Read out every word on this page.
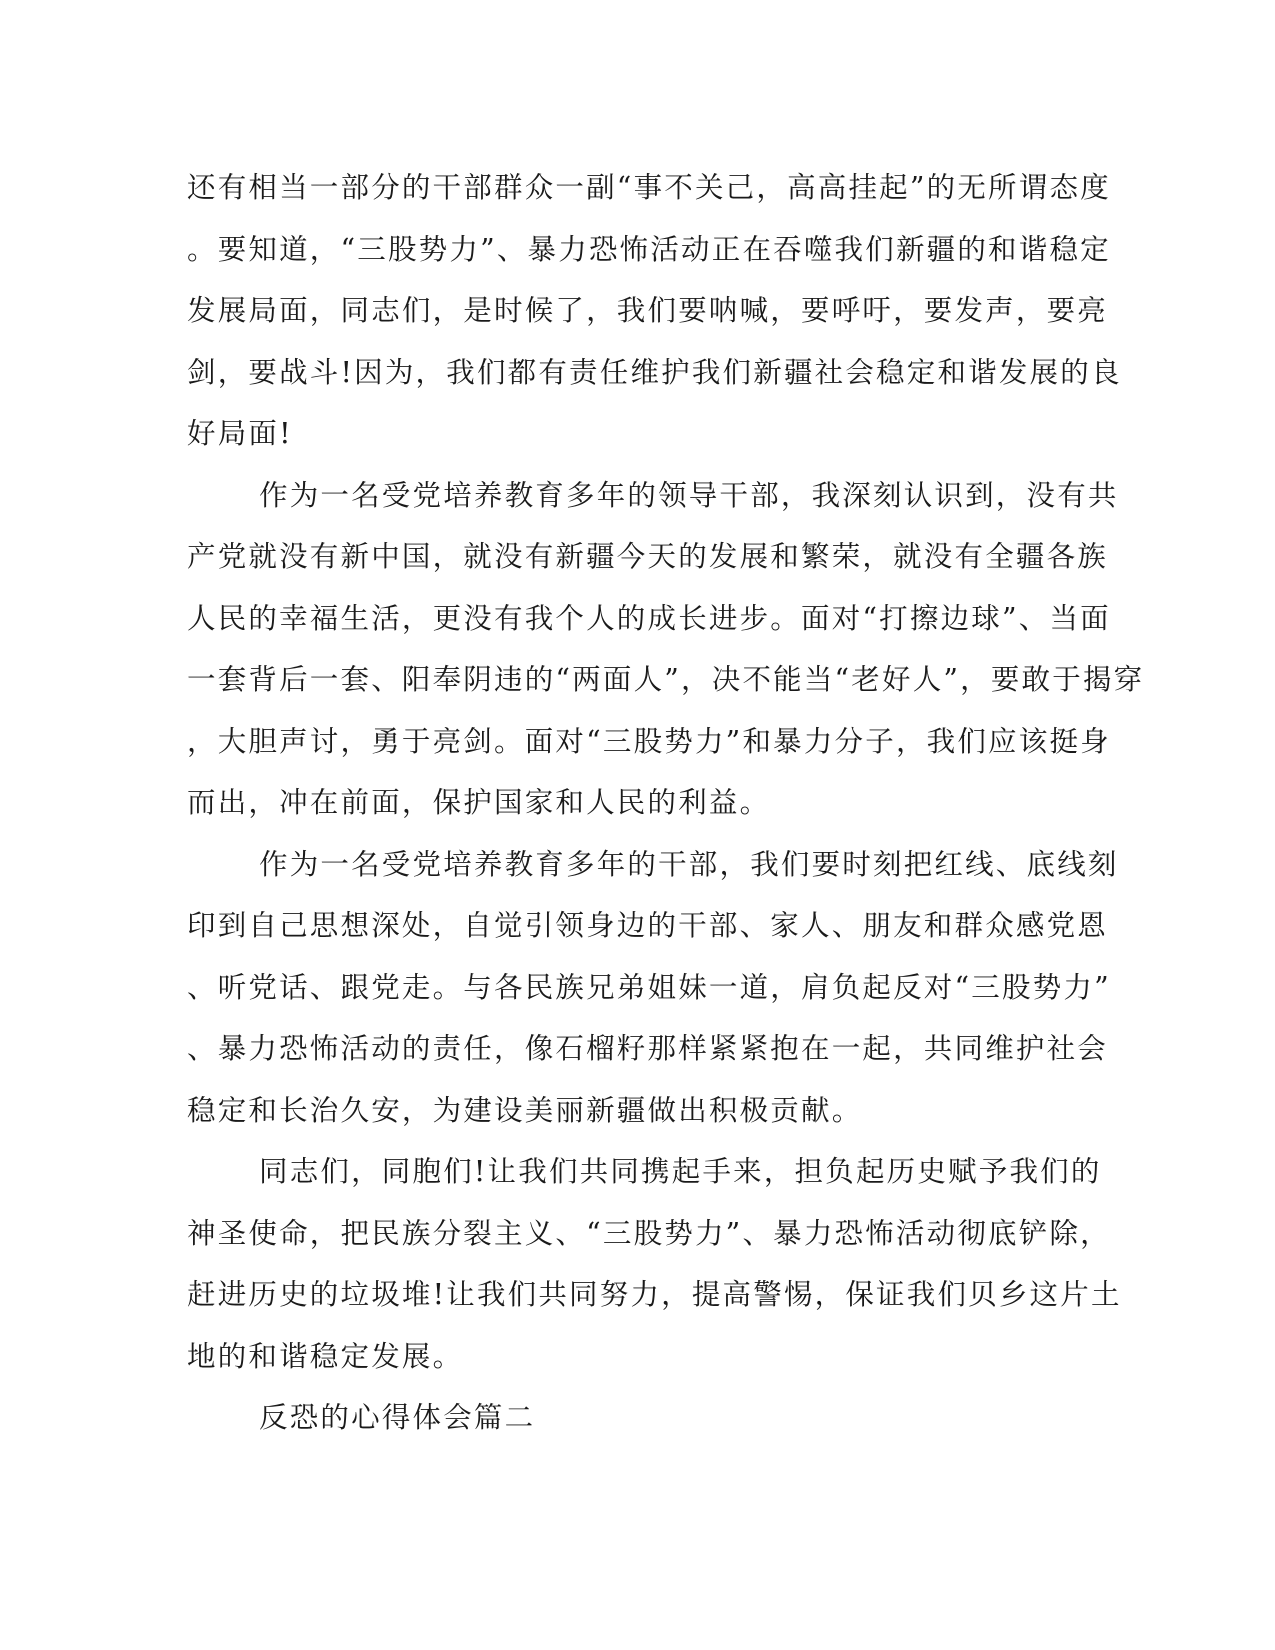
还有相当一部分的干部群众一副“事不关己，高高挂起”的无所谓态度
。要知道，“三股势力”、暴力恐怖活动正在吞噬我们新疆的和谐稳定
发展局面，同志们，是时候了，我们要呐喊，要呼吁，要发声，要亮
剑，要战斗!因为，我们都有责任维护我们新疆社会稳定和谐发展的良
好局面!
作为一名受党培养教育多年的领导干部，我深刻认识到，没有共
产党就没有新中国，就没有新疆今天的发展和繁荣，就没有全疆各族
人民的幸福生活，更没有我个人的成长进步。面对“打擦边球”、当面
一套背后一套、阳奉阴违的“两面人”，决不能当“老好人”，要敢于揭穿
，大胆声讨，勇于亮剑。面对“三股势力”和暴力分子，我们应该挺身
而出，冲在前面，保护国家和人民的利益。
作为一名受党培养教育多年的干部，我们要时刻把红线、底线刻
印到自己思想深处，自觉引领身边的干部、家人、朋友和群众感党恩
、听党话、跟党走。与各民族兄弟姐妹一道，肩负起反对“三股势力”
、暴力恐怖活动的责任，像石榴籽那样紧紧抱在一起，共同维护社会
稳定和长治久安，为建设美丽新疆做出积极贡献。
同志们，同胞们!让我们共同携起手来，担负起历史赋予我们的
神圣使命，把民族分裂主义、“三股势力”、暴力恐怖活动彻底铲除，
赶进历史的垃圾堆!让我们共同努力，提高警惕，保证我们贝乡这片土
地的和谐稳定发展。
反恐的心得体会篇二
